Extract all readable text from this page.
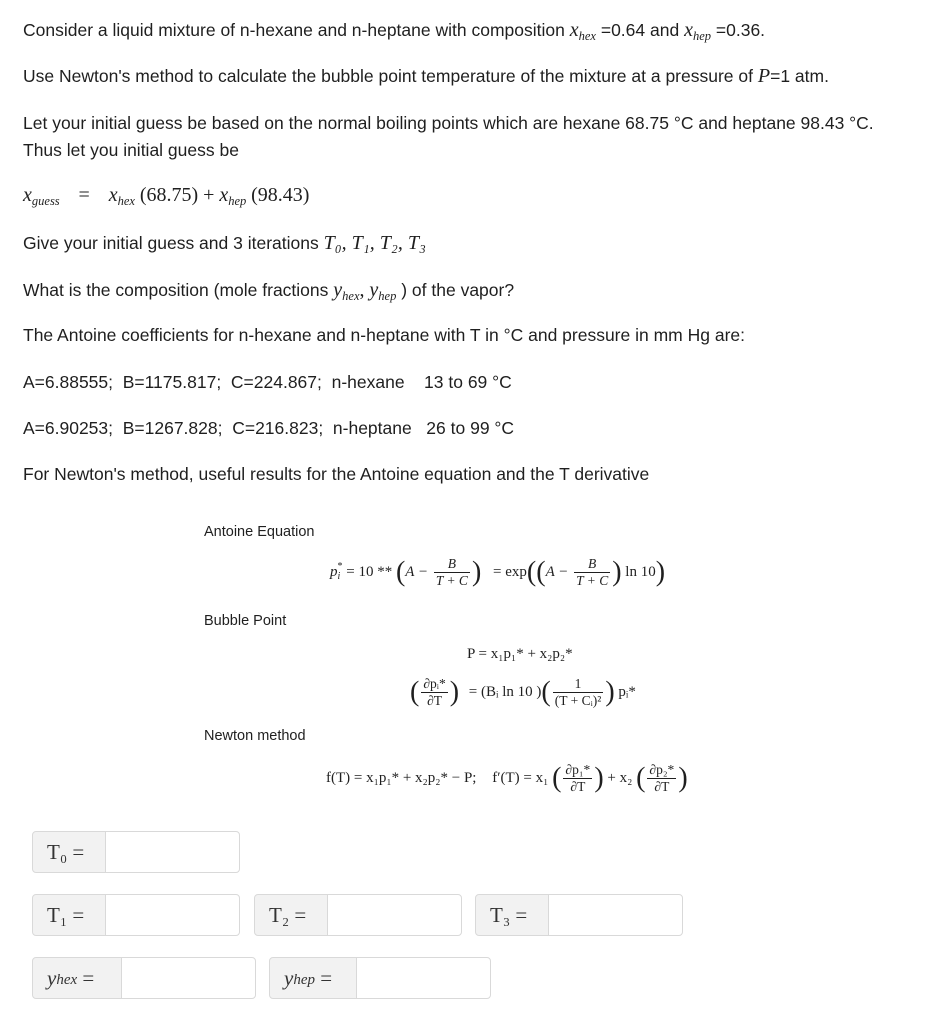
Consider a liquid mixture of n-hexane and n-heptane with composition $x_{hex} =0.64$ and $x_{hep} =0.36$.
Use Newton's method to calculate the bubble point temperature of the mixture at a pressure of P=1 atm.
Let your initial guess be based on the normal boiling points which are hexane 68.75 °C and heptane 98.43 °C. Thus let you initial guess be
$x_{guess} = x_{hex}$ $(68.75) + x_{hep}$ (98.43)
Give your initial guess and 3 iterations T₀, T₁, T₂, T₃
What is the composition (mole fractions $y_{hex}$, $y_{hep}$ ) of the vapor?
The Antoine coefficients for n-hexane and n-heptane with T in °C and pressure in mm Hg are:
A=6.88555;  B=1175.817;  C=224.867;  n-hexane    13 to 69 °C
A=6.90253;  B=1267.828;  C=216.823;  n-heptane   26 to 99 °C
For Newton's method, useful results for the Antoine equation and the T derivative
Antoine Equation
p *
$i = 10 ** (A - \frac{B}{T + C}$ ) = $\exp((A - \frac{B}{T + C}$ ) ln 10)
Bubble Point
P = x₁p₁* + x₂p₂*
( $\frac{\text{∂pᵢ*}}{\partial T}$ ) = (Bᵢ ln 10 )( $\frac{1}{\text{(T + Cᵢ)²}}$ ) pᵢ*
Newton method
f(T) = x₁p₁* + x₂p₂* − P; f′(T) = x₁ ( $\frac{\text{∂p₁*}}{\partial T}$ ) + x₂ ( $\frac{\text{∂p₂*}}{\partial T}$ )
T₀ =
T₁ =	T₂ =	T₃ =
y hex
=	y hep
=
